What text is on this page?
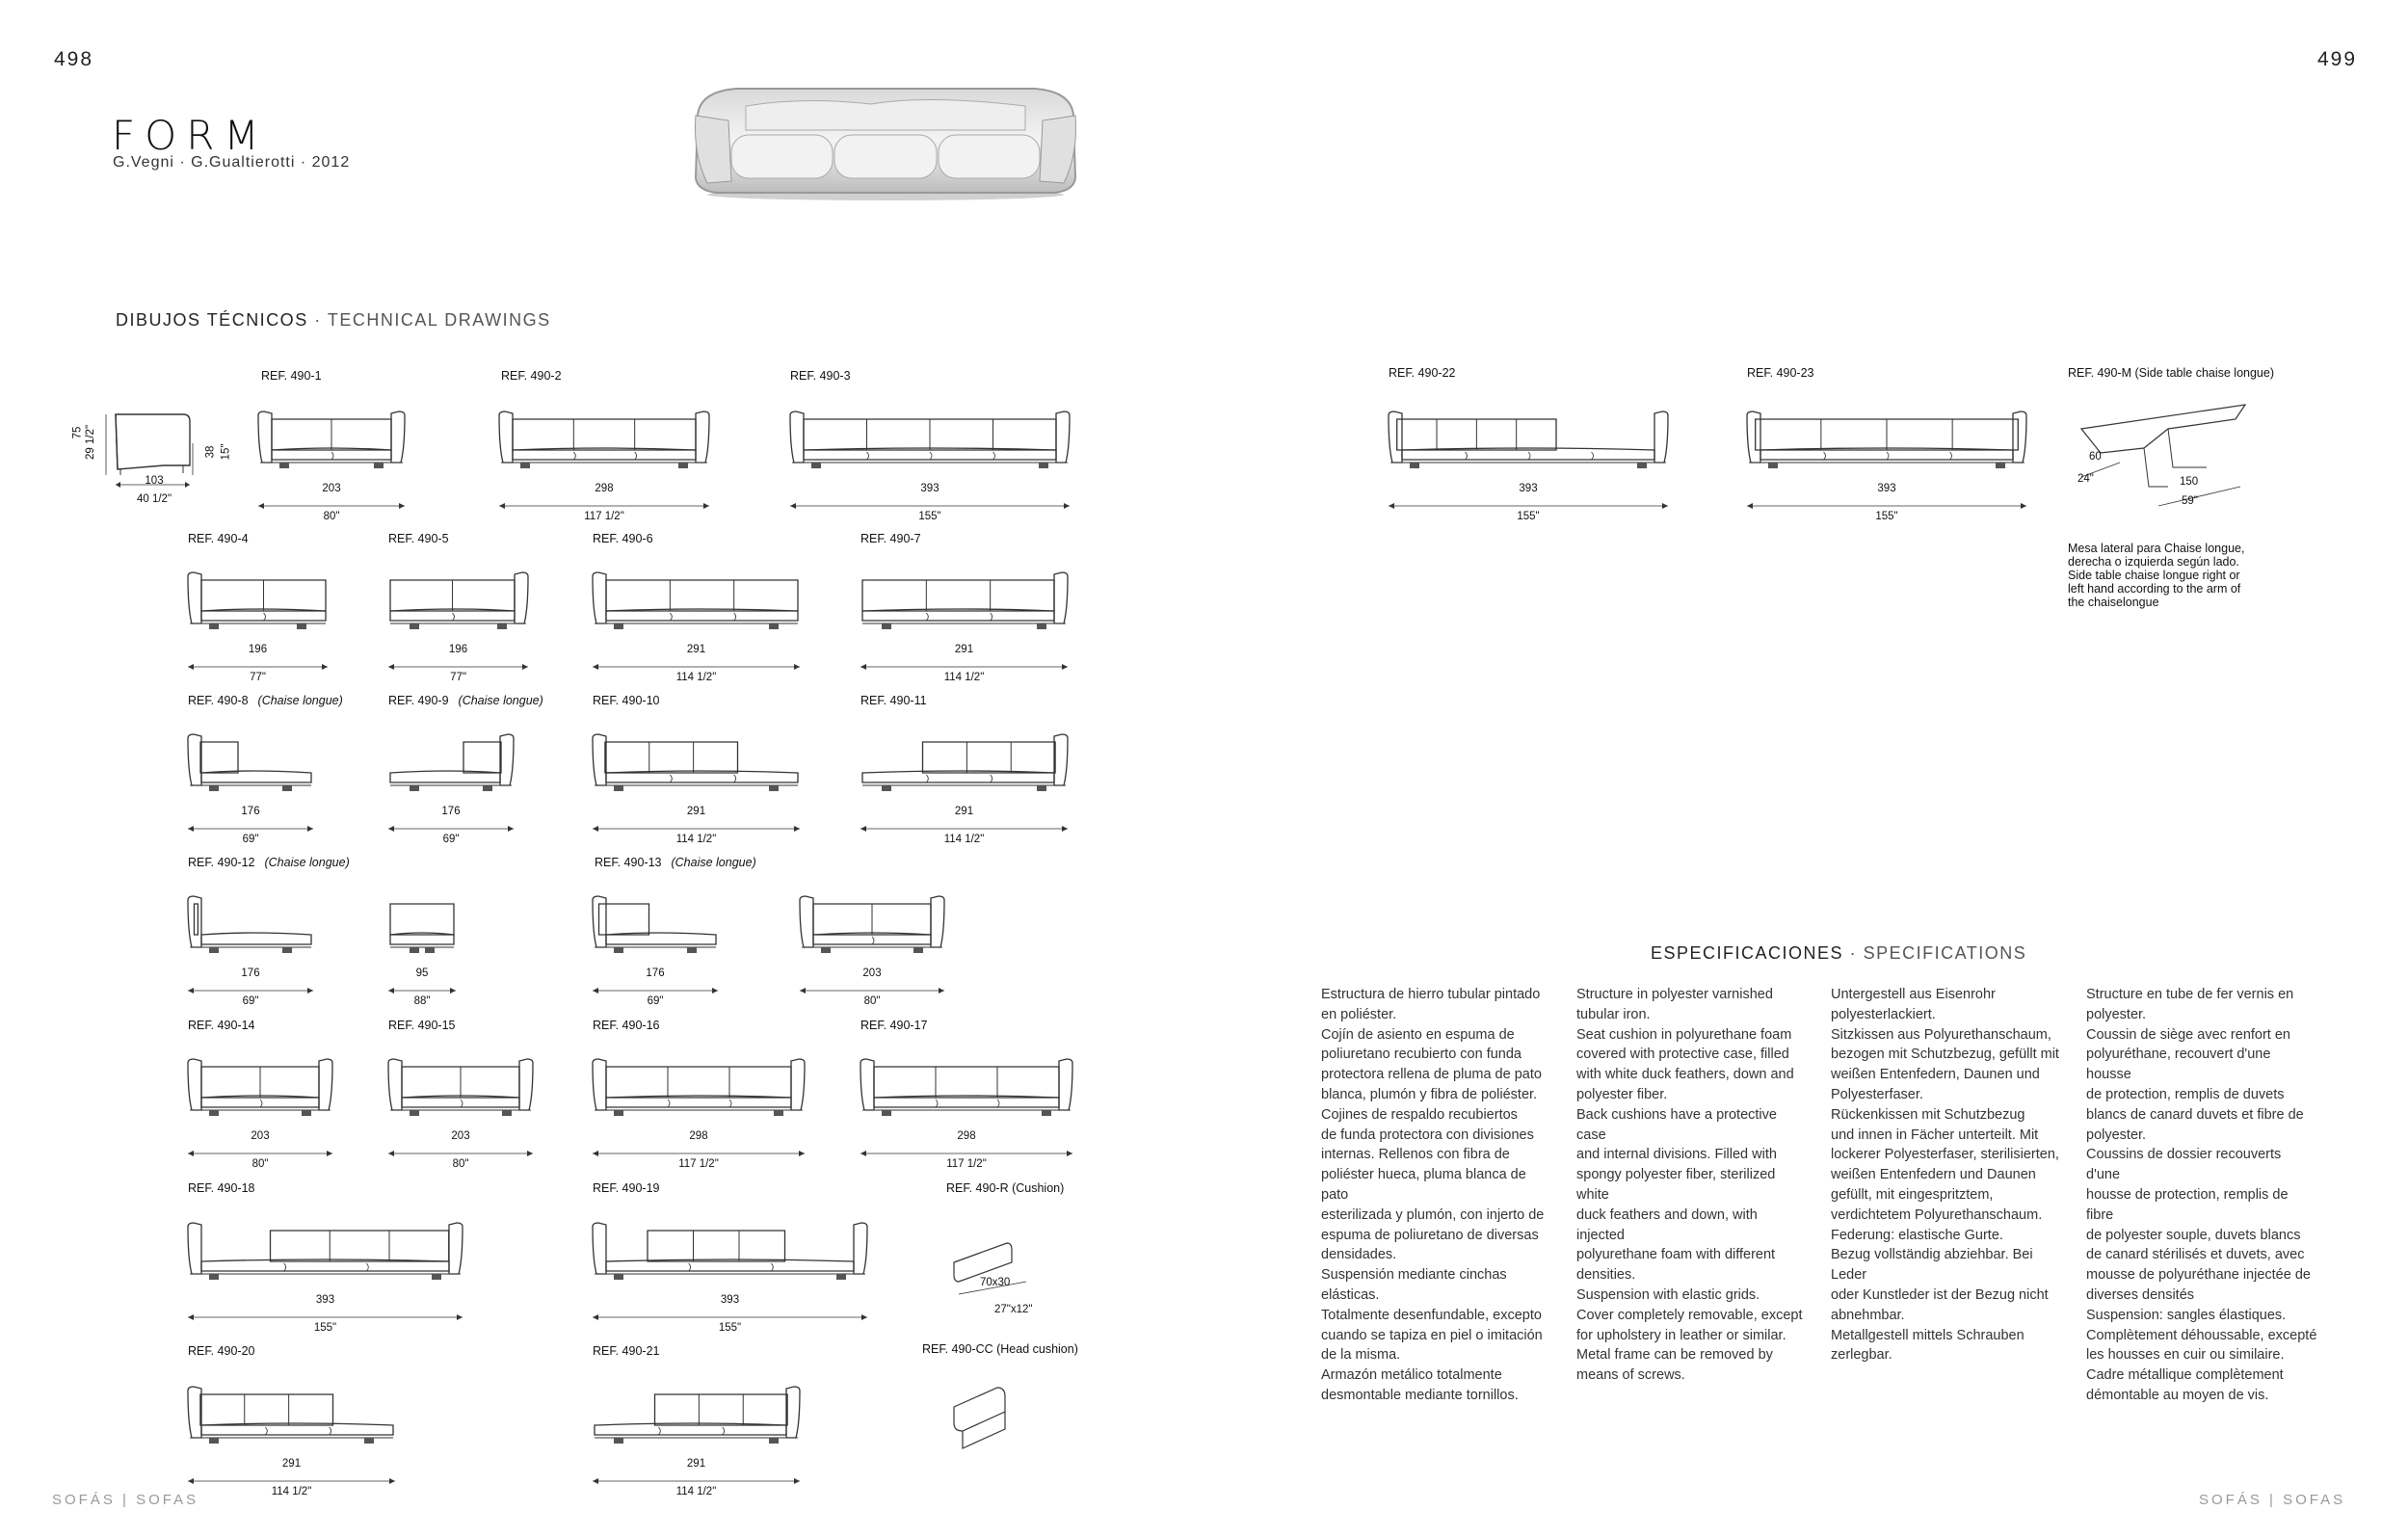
498	499
FORM
G.Vegni · G.Gualtierotti · 2012
DIBUJOS TÉCNICOS · TECHNICAL DRAWINGS
75 29 1/2"	38 15"
103
40 1/2"
REF. 490-1
203
80"
REF. 490-2
298
117 1/2"
REF. 490-3
393
155"
REF. 490-4
196
77"
REF. 490-5
196
77"
REF. 490-6
291
114 1/2"
REF. 490-7
291
114 1/2"
REF. 490-8 (Chaise longue)
176
69"
REF. 490-9 (Chaise longue)
176
69"
REF. 490-10
291
114 1/2"
REF. 490-11
291
114 1/2"
REF. 490-12 (Chaise longue)
176
69"
95
88"
REF. 490-13 (Chaise longue)
176
69"
203
80"
REF. 490-14
203
80"
REF. 490-15
203
80"
REF. 490-16
298
117 1/2"
REF. 490-17
298
117 1/2"
REF. 490-18
393
155"
REF. 490-19
393
155"
REF. 490-20
291
114 1/2"
REF. 490-21
291
114 1/2"
REF. 490-22
393
155"
REF. 490-23
393
155"
REF. 490-R (Cushion)
70x30
27"x12"
REF. 490-CC (Head cushion)
REF. 490-M (Side table chaise longue)
60
24"	150
59"
Mesa lateral para Chaise longue,
derecha o izquierda según lado.
Side table chaise longue right or
left hand according to the arm of
the chaiselongue
ESPECIFICACIONES · SPECIFICATIONS

Estructura de hierro tubular pintado

en poliéster.

Cojín de asiento en espuma de

poliuretano recubierto con funda

protectora rellena de pluma de pato

blanca, plumón y fibra de poliéster.

Cojines de respaldo recubiertos

de funda protectora con divisiones

internas. Rellenos con fibra de

poliéster hueca, pluma blanca de pato

esterilizada y plumón, con injerto de

espuma de poliuretano de diversas

densidades.

Suspensión mediante cinchas elásticas.

Totalmente desenfundable, excepto

cuando se tapiza en piel o imitación

de la misma.

Armazón metálico totalmente

desmontable mediante tornillos.

Structure in polyester varnished

tubular iron.

Seat cushion in polyurethane foam

covered with protective case, filled

with white duck feathers, down and

polyester fiber.

Back cushions have a protective case

and internal divisions. Filled with

spongy polyester fiber, sterilized white

duck feathers and down, with injected

polyurethane foam with different

densities.

Suspension with elastic grids.

Cover completely removable, except

for upholstery in leather or similar.

Metal frame can be removed by

means of screws.

Untergestell aus Eisenrohr

polyesterlackiert.

Sitzkissen aus Polyurethanschaum,

bezogen mit Schutzbezug, gefüllt mit

weißen Entenfedern, Daunen und

Polyesterfaser.

Rückenkissen mit Schutzbezug

und innen in Fächer unterteilt. Mit

lockerer Polyesterfaser, sterilisierten,

weißen Entenfedern und Daunen

gefüllt, mit eingespritztem,

verdichtetem Polyurethanschaum.

Federung: elastische Gurte.

Bezug vollständig abziehbar. Bei Leder

oder Kunstleder ist der Bezug nicht

abnehmbar.

Metallgestell mittels Schrauben

zerlegbar.

Structure en tube de fer vernis en

polyester.

Coussin de siège avec renfort en

polyuréthane, recouvert d'une housse

de protection, remplis de duvets

blancs de canard duvets et fibre de

polyester.

Coussins de dossier recouverts d'une

housse de protection, remplis de fibre

de polyester souple, duvets blancs

de canard stérilisés et duvets, avec

mousse de polyuréthane injectée de

diverses densités

Suspension: sangles élastiques.

Complètement déhoussable, excepté

les housses en cuir ou similaire.

Cadre métallique complètement

démontable au moyen de vis.

SOFÁS | SOFAS	SOFÁS | SOFAS
